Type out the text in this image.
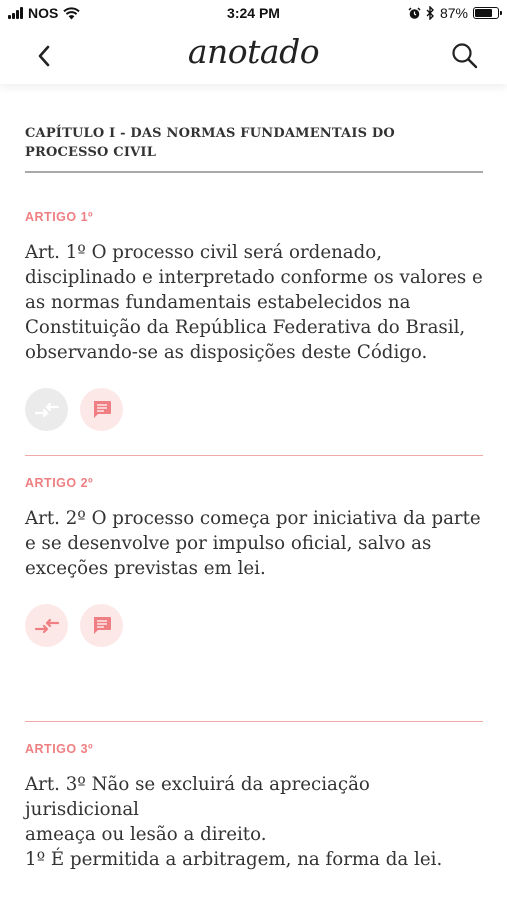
NOS	3:24 PM	87%
anotado
CAPÍTULO I - DAS NORMAS FUNDAMENTAIS DO PROCESSO CIVIL
ARTIGO 1º
Art. 1º O processo civil será ordenado,
disciplinado e interpretado conforme os valores e
as normas fundamentais estabelecidos na
Constituição da República Federativa do Brasil,
observando-se as disposições deste Código.
ARTIGO 2º
Art. 2º O processo começa por iniciativa da parte
e se desenvolve por impulso oficial, salvo as
exceções previstas em lei.
ARTIGO 3º
Art. 3º Não se excluirá da apreciação jurisdicional
ameaça ou lesão a direito.
1º É permitida a arbitragem, na forma da lei.
